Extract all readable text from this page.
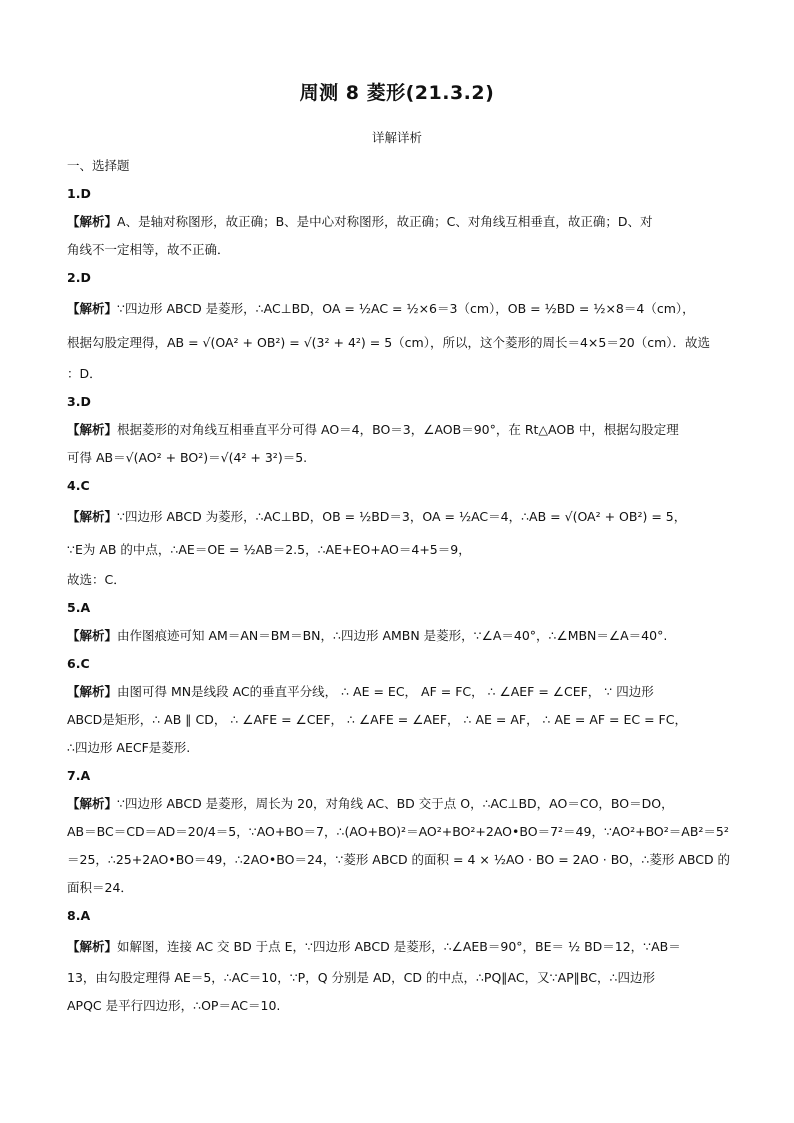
周测 8 菱形(21.3.2)
详解详析
一、选择题
1.D
【解析】A、是轴对称图形，故正确；B、是中心对称图形，故正确；C、对角线互相垂直，故正确；D、对
角线不一定相等，故不正确．
2.D
【解析】∵四边形 ABCD 是菱形，∴AC⊥BD，OA = ½AC = ½×6＝3（cm），OB = ½BD = ½×8＝4（cm），
根据勾股定理得，AB = √(OA² + OB²) = √(3² + 4²) = 5（cm），所以，这个菱形的周长＝4×5＝20（cm）．故选
：D．
3.D
【解析】根据菱形的对角线互相垂直平分可得 AO＝4，BO＝3，∠AOB＝90°，在 Rt△AOB 中，根据勾股定理
可得 AB＝√(AO² + BO²)＝√(4² + 3²)＝5.
4.C
【解析】∵四边形 ABCD 为菱形，∴AC⊥BD，OB = ½BD＝3，OA = ½AC＝4，∴AB = √(OA² + OB²) = 5，
∵E为 AB 的中点，∴AE＝OE = ½AB＝2.5，∴AE+EO+AO＝4+5＝9，
故选：C．
5.A
【解析】由作图痕迹可知 AM＝AN＝BM＝BN，∴四边形 AMBN 是菱形，∵∠A＝40°，∴∠MBN＝∠A＝40°.
6.C
【解析】由图可得 MN是线段 AC的垂直平分线， ∴ AE = EC， AF = FC， ∴ ∠AEF = ∠CEF， ∵ 四边形
ABCD是矩形，∴ AB ∥ CD， ∴ ∠AFE = ∠CEF， ∴ ∠AFE = ∠AEF， ∴ AE = AF， ∴ AE = AF = EC = FC，
∴四边形 AECF是菱形.
7.A
【解析】∵四边形 ABCD 是菱形，周长为 20，对角线 AC、BD 交于点 O，∴AC⊥BD，AO＝CO，BO＝DO，
AB＝BC＝CD＝AD＝20/4＝5，∵AO+BO＝7，∴(AO+BO)²＝AO²+BO²+2AO•BO＝7²＝49，∵AO²+BO²＝AB²＝5²
＝25，∴25+2AO•BO＝49，∴2AO•BO＝24，∵菱形 ABCD 的面积 = 4 × ½AO · BO = 2AO · BO，∴菱形 ABCD 的
面积＝24．
8.A
【解析】如解图，连接 AC 交 BD 于点 E，∵四边形 ABCD 是菱形，∴∠AEB＝90°，BE＝ ½ BD＝12，∵AB＝
13，由勾股定理得 AE＝5，∴AC＝10，∵P，Q 分别是 AD，CD 的中点，∴PQ∥AC，又∵AP∥BC，∴四边形
APQC 是平行四边形，∴OP＝AC＝10.
